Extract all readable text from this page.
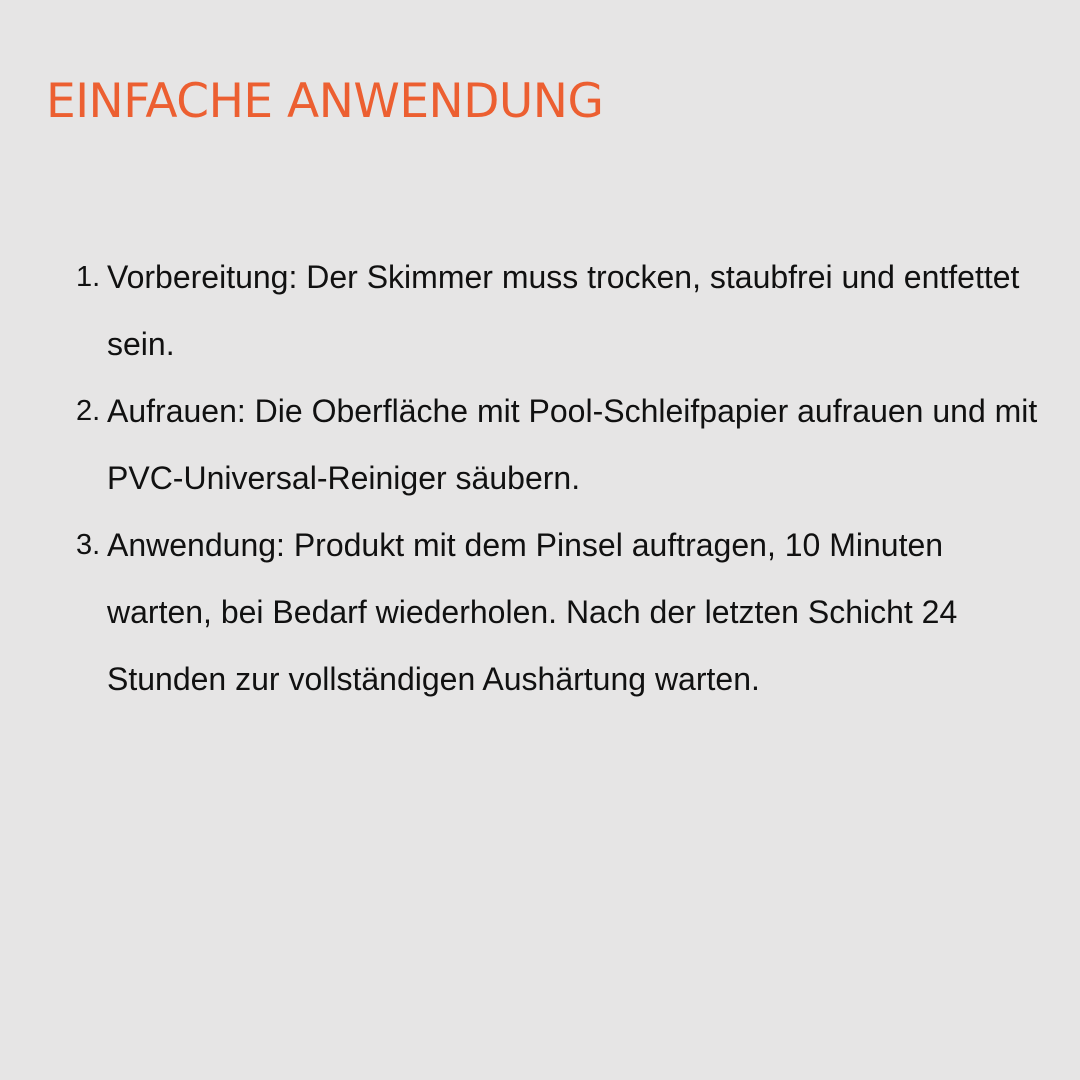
EINFACHE ANWENDUNG
1. Vorbereitung: Der Skimmer muss trocken, staubfrei und entfettet sein.
2. Aufrauen: Die Oberfläche mit Pool-Schleifpapier aufrauen und mit PVC-Universal-Reiniger säubern.
3. Anwendung: Produkt mit dem Pinsel auftragen, 10 Minuten warten, bei Bedarf wiederholen. Nach der letzten Schicht 24 Stunden zur vollständigen Aushärtung warten.
